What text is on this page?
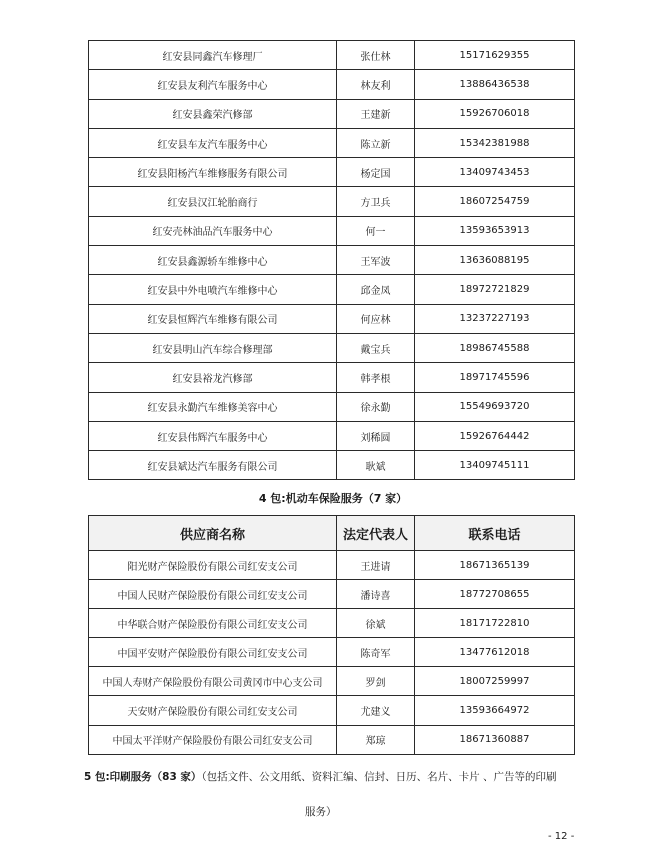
红安县同鑫汽车修理厂	张仕林	15171629355
红安县友利汽车服务中心	林友利	13886436538
红安县鑫荣汽修部	王建新	15926706018
红安县车友汽车服务中心	陈立新	15342381988
红安县阳杨汽车维修服务有限公司	杨定国	13409743453
红安县汉江轮胎商行	方卫兵	18607254759
红安壳林油品汽车服务中心	何一	13593653913
红安县鑫源轿车维修中心	王军波	13636088195
红安县中外电喷汽车维修中心	邱金凤	18972721829
红安县恒辉汽车维修有限公司	何应林	13237227193
红安县明山汽车综合修理部	戴宝兵	18986745588
红安县裕龙汽修部	韩孝根	18971745596
红安县永勤汽车维修美容中心	徐永勤	15549693720
红安县伟辉汽车服务中心	刘稀圆	15926764442
红安县斌达汽车服务有限公司	耿斌	13409745111
4 包:机动车保险服务（7 家）
供应商名称	法定代表人	联系电话
阳光财产保险股份有限公司红安支公司	王进请	18671365139
中国人民财产保险股份有限公司红安支公司	潘诗喜	18772708655
中华联合财产保险股份有限公司红安支公司	徐斌	18171722810
中国平安财产保险股份有限公司红安支公司	陈奇军	13477612018
中国人寿财产保险股份有限公司黄冈市中心支公司	罗剑	18007259997
天安财产保险股份有限公司红安支公司	尤建义	13593664972
中国太平洋财产保险股份有限公司红安支公司	郑琼	18671360887
5 包:印刷服务（83 家）（包括文件、公文用纸、资料汇编、信封、日历、名片、卡片 、广告等的印刷
服务）
- 12 -
